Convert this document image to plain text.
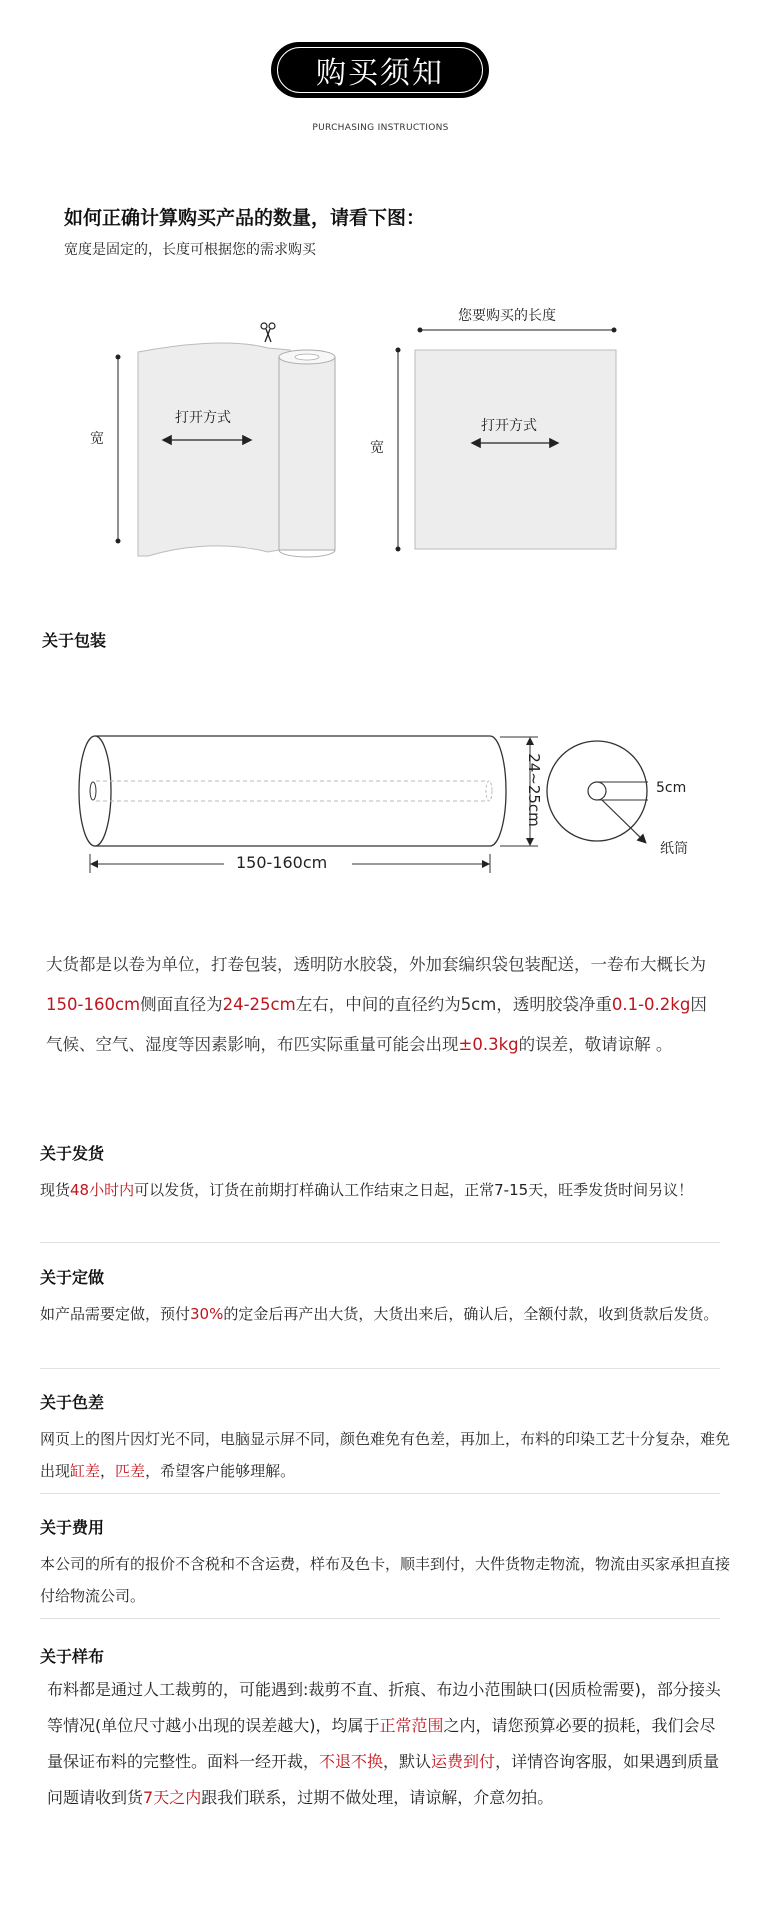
购买须知
PURCHASING INSTRUCTIONS
如何正确计算购买产品的数量，请看下图：
宽度是固定的，长度可根据您的需求购买
宽
打开方式
您要购买的长度
宽
打开方式
关于包装
150-160cm
24~25cm	5cm
纸筒
大货都是以卷为单位，打卷包装，透明防水胶袋，外加套编织袋包装配送，一卷布大概长为150-160cm侧面直径为24-25cm左右，中间的直径约为5cm，透明胶袋净重0.1-0.2kg因气候、空气、湿度等因素影响，布匹实际重量可能会出现±0.3kg的误差，敬请谅解 。
关于发货
现货48小时内可以发货，订货在前期打样确认工作结束之日起，正常7-15天，旺季发货时间另议！
关于定做
如产品需要定做，预付30%的定金后再产出大货，大货出来后，确认后，全额付款，收到货款后发货。
关于色差
网页上的图片因灯光不同，电脑显示屏不同，颜色难免有色差，再加上，布料的印染工艺十分复杂，难免出现缸差，匹差，希望客户能够理解。
关于费用
本公司的所有的报价不含税和不含运费，样布及色卡，顺丰到付，大件货物走物流，物流由买家承担直接付给物流公司。
关于样布
布料都是通过人工裁剪的，可能遇到:裁剪不直、折痕、布边小范围缺口(因质检需要)，部分接头等情况(单位尺寸越小出现的误差越大)，均属于正常范围之内，请您预算必要的损耗，我们会尽量保证布料的完整性。面料一经开裁，不退不换，默认运费到付，详情咨询客服，如果遇到质量问题请收到货7天之内跟我们联系，过期不做处理，请谅解，介意勿拍。
